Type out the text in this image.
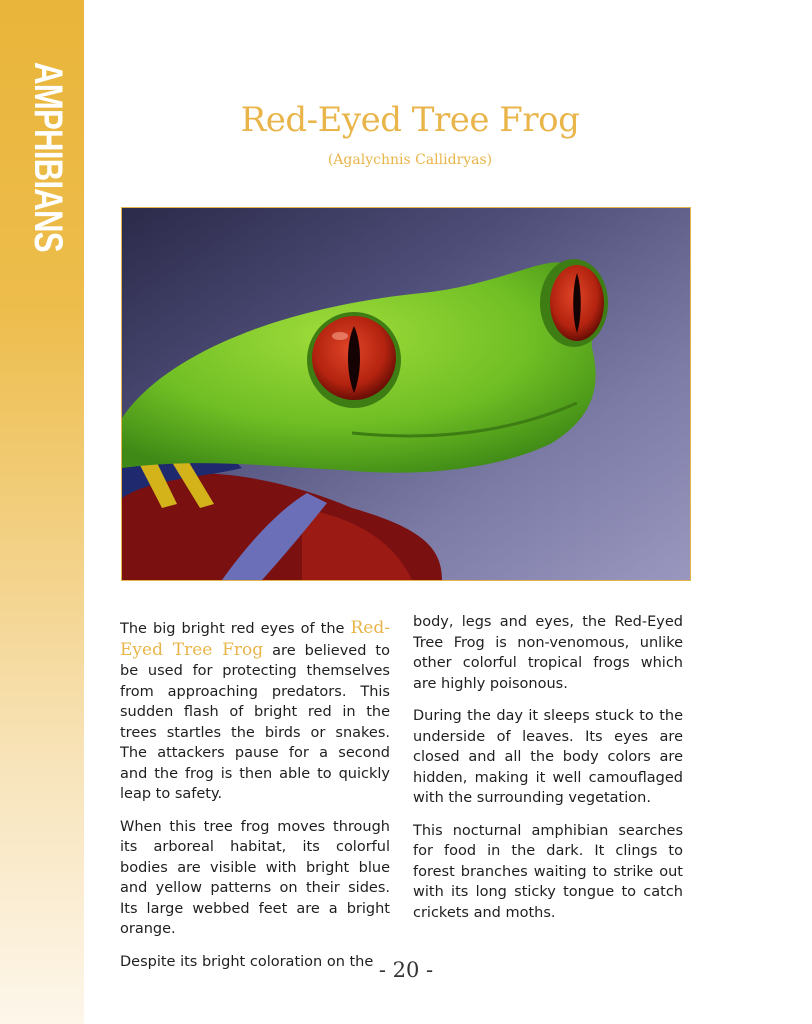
AMPHIBIANS	Red-Eyed Tree Frog
(Agalychnis Callidryas)

The big bright red eyes of the Red-Eyed Tree Frog are believed to be used for protecting themselves from approaching predators. This sudden flash of bright red in the trees startles the birds or snakes. The attackers pause for a second and the frog is then able to quickly leap to safety.

When this tree frog moves through its arboreal habitat, its colorful bodies are visible with bright blue and yellow patterns on their sides. Its large webbed feet are a bright orange.

Despite its bright coloration on the

body, legs and eyes, the Red-Eyed Tree Frog is non-venomous, unlike other colorful tropical frogs which are highly poisonous.

During the day it sleeps stuck to the underside of leaves. Its eyes are closed and all the body colors are hidden, making it well camouflaged with the surrounding vegetation.

This nocturnal amphibian searches for food in the dark. It clings to forest branches waiting to strike out with its long sticky tongue to catch crickets and moths.

- 20 -
